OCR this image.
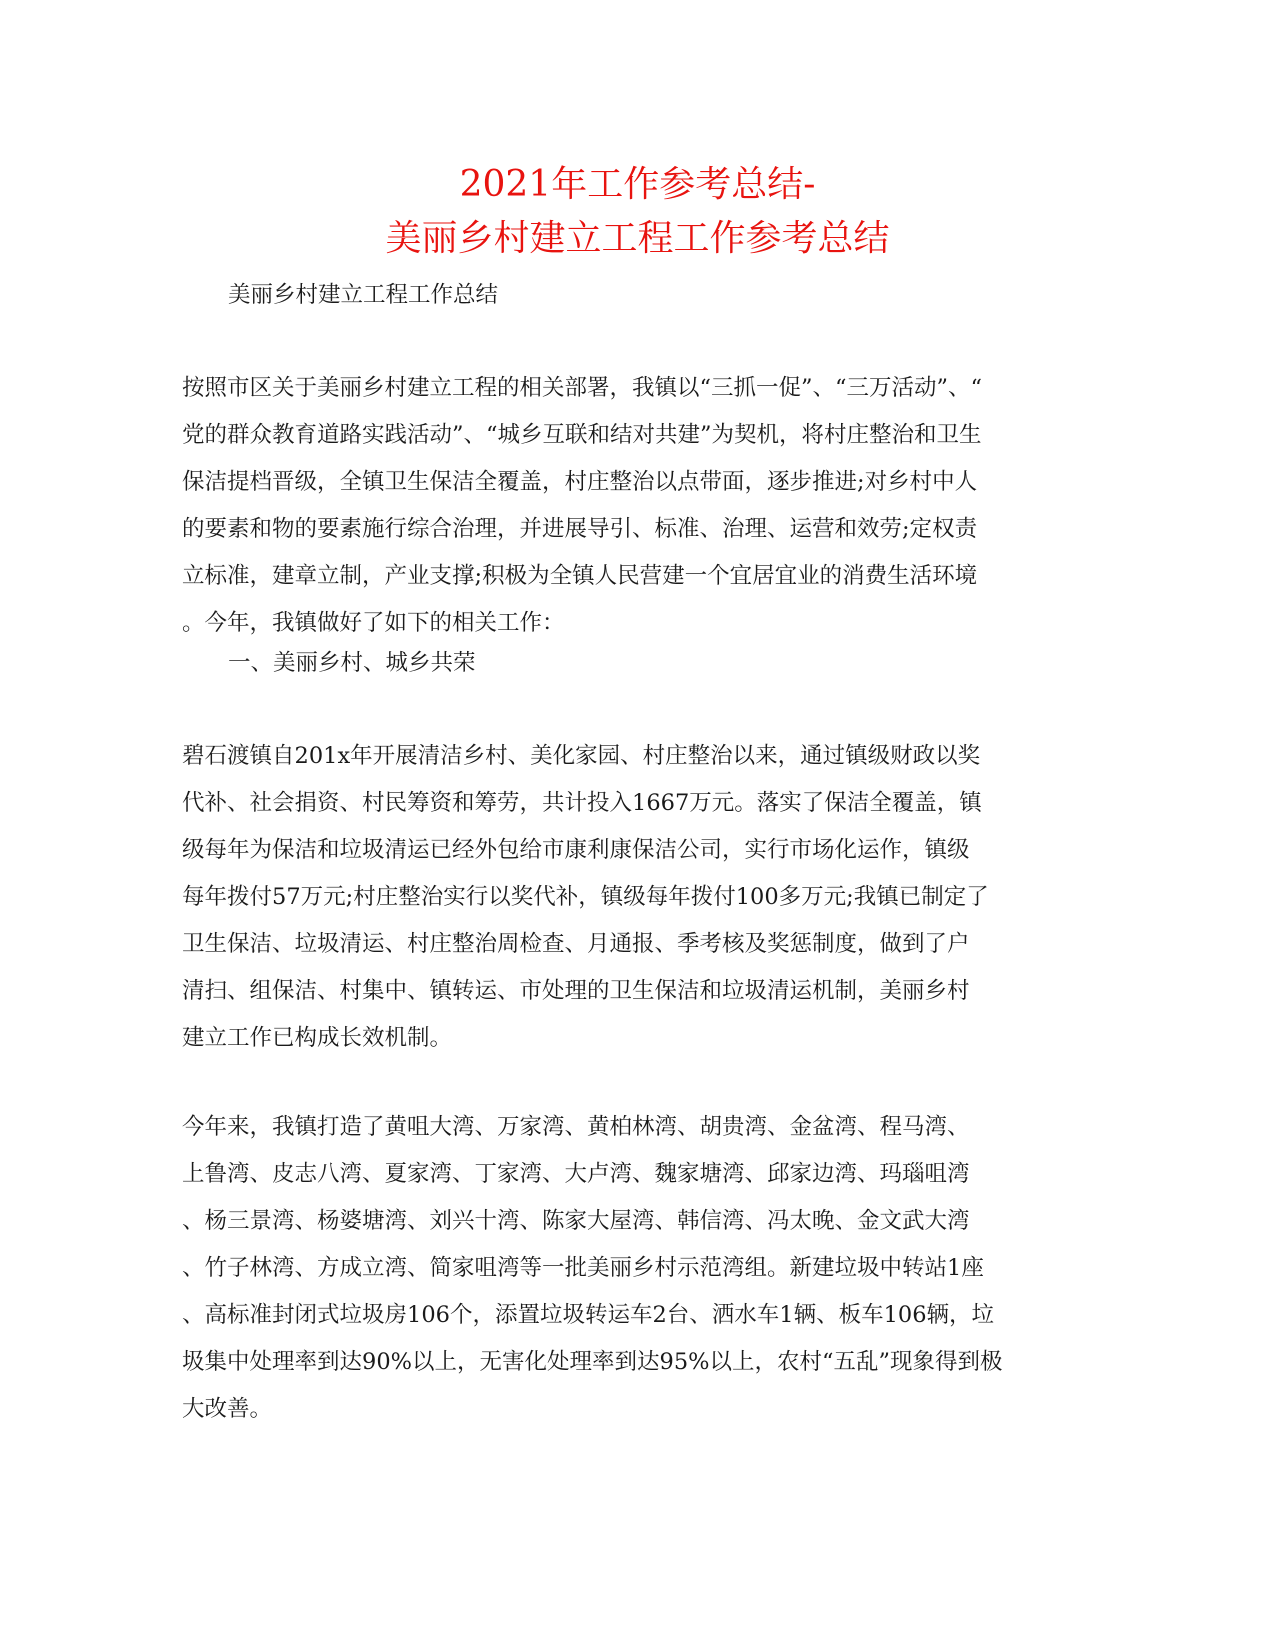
2021年工作参考总结-
美丽乡村建立工程工作参考总结
美丽乡村建立工程工作总结
按照市区关于美丽乡村建立工程的相关部署，我镇以“三抓一促”、“三万活动”、“
党的群众教育道路实践活动”、“城乡互联和结对共建”为契机，将村庄整治和卫生
保洁提档晋级，全镇卫生保洁全覆盖，村庄整治以点带面，逐步推进;对乡村中人
的要素和物的要素施行综合治理，并进展导引、标准、治理、运营和效劳;定权责
立标准，建章立制，产业支撑;积极为全镇人民营建一个宜居宜业的消费生活环境
。今年，我镇做好了如下的相关工作：
一、美丽乡村、城乡共荣
碧石渡镇自201x年开展清洁乡村、美化家园、村庄整治以来，通过镇级财政以奖
代补、社会捐资、村民筹资和筹劳，共计投入1667万元。落实了保洁全覆盖，镇
级每年为保洁和垃圾清运已经外包给市康利康保洁公司，实行市场化运作，镇级
每年拨付57万元;村庄整治实行以奖代补，镇级每年拨付100多万元;我镇已制定了
卫生保洁、垃圾清运、村庄整治周检查、月通报、季考核及奖惩制度，做到了户
清扫、组保洁、村集中、镇转运、市处理的卫生保洁和垃圾清运机制，美丽乡村
建立工作已构成长效机制。
今年来，我镇打造了黄咀大湾、万家湾、黄柏林湾、胡贵湾、金盆湾、程马湾、
上鲁湾、皮志八湾、夏家湾、丁家湾、大卢湾、魏家塘湾、邱家边湾、玛瑙咀湾
、杨三景湾、杨婆塘湾、刘兴十湾、陈家大屋湾、韩信湾、冯太晚、金文武大湾
、竹子林湾、方成立湾、简家咀湾等一批美丽乡村示范湾组。新建垃圾中转站1座
、高标准封闭式垃圾房106个，添置垃圾转运车2台、洒水车1辆、板车106辆，垃
圾集中处理率到达90%以上，无害化处理率到达95%以上，农村“五乱”现象得到极
大改善。
